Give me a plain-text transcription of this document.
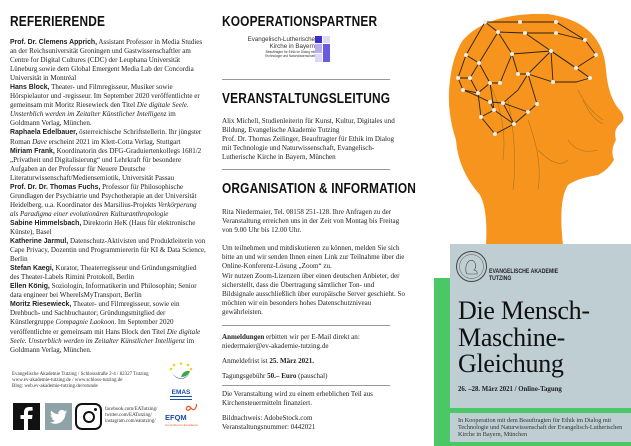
REFERIERENDE
Prof. Dr. Clemens Apprich, Assistant Professor in Media Studies an der Reichsuniversität Groningen und Gastwissenschaftler am Centre for Digital Cultures (CDC) der Leuphana Universität Lüneburg sowie dem Global Emergent Media Lab der Concordia Universität in Montréal
Hans Block, Theater- und Filmregisseur, Musiker sowie Hörspielautor und -regisseur. Im September 2020 veröffentlichte er gemeinsam mit Moritz Riesewieck den Titel Die digitale Seele. Unsterblich werden im Zeitalter Künstlicher Intelligenz im Goldmann Verlag, München.
Raphaela Edelbauer, österreichische Schriftstellerin. Ihr jüngster Roman Dave erscheint 2021 im Klett-Cotta Verlag, Stuttgart
Miriam Frank, Koordinatorin des DFG-Graduiertenkollegs 1681/2 „Privatheit und Digitalisierung“ und Lehrkraft für besondere Aufgaben an der Professur für Neuere Deutsche Literaturwissenschaft/Mediensemiotik, Universität Passau
Prof. Dr. Dr. Thomas Fuchs, Professor für Philosophische Grundlagen der Psychiatrie und Psychotherapie an der Universität Heidelberg, u.a. Koordinator des Marsilius-Projekts Verkörperung als Paradigma einer evolutionären Kulturanthropologie
Sabine Himmelsbach, Direktorin HeK (Haus für elektronische Künste), Basel
Katherine Jarmul, Datenschutz-Aktivisten und Produktleiterin von Cape Privacy, Dozentin und Programmiererin für KI & Data Science, Berlin
Stefan Kaegi, Kurator, Theaterregisseur und Gründungsmitglied des Theater-Labels Rimini Protokoll, Berlin
Ellen König, Soziologin, Informatikerin und Philosophin; Senior data engineer bei WhereIsMyTransport, Berlin
Moritz Riesewieck, Theater- und Filmregisseur, sowie ein Drehbuch- und Sachbuchautor; Gründungsmitglied der Künstlergruppe Compagnie Laokoon. Im September 2020 veröffentlichte er gemeinsam mit Hans Block den Titel Die digitale Seele. Unsterblich werden im Zeitalter Künstlicher Intelligenz im Goldmann Verlag, München.
Evangelische Akademie Tutzing / Schlossstraße 2-4 / 82327 Tutzing
www.ev-akademie-tutzing.de / www.schloss-tutzing.de
Blog: web.ev-akademie-tutzing.de/rotunde
facebook.com/EATutzing/
twitter.com/EATutzing/
instagram.com/eatutzing/
EMAS
EFQM
Committed to Excellence
KOOPERATIONSPARTNER
Evangelisch-Lutherische
Kirche in Bayern
Beauftragter für Ethik im Dialog mit
Technologie und Naturwissenschaft
VERANSTALTUNGSLEITUNG
Alix Michell, Studienleiterin für Kunst, Kultur, Digitales und Bildung, Evangelische Akademie Tutzing
Prof. Dr. Thomas Zeilinger, Beauftragter für Ethik im Dialog mit Technologie und Naturwissenschaft, Evangelisch-Lutherische Kirche in Bayern, München
ORGANISATION & INFORMATION
Rita Niedermaier, Tel. 08158 251-128. Ihre Anfragen zu der Veranstaltung erreichen uns in der Zeit von Montag bis Freitag von 9.00 Uhr bis 12.00 Uhr.
Um teilnehmen und mitdiskutieren zu können, melden Sie sich bitte an und wir senden Ihnen einen Link zur Teilnahme über die Online-Konferenz-Lösung „Zoom“ zu.
Wir nutzen Zoom-Lizenzen über einen deutschen Anbieter, der sicherstellt, dass die Übertragung sämtlicher Ton- und Bildsignale ausschließlich über europäische Server geschieht. So möchten wir ein besonders hohes Datenschutzniveau gewährleisten.
Anmeldungen erbitten wir per E-Mail direkt an:
niedermaier@ev-akademie-tutzing.de
Anmeldefrist ist 25. März 2021.
Tagungsgebühr 50.– Euro (pauschal)
Die Veranstaltung wird zu einem erheblichen Teil aus Kirchensteuermitteln finanziert.
Bildnachweis: AdobeStock.com
Veranstaltungsnummer: 0442021
EVANGELISCHE AKADEMIE
TUTZING
Die Mensch-
Maschine-
Gleichung
26. –28. März 2021 / Online-Tagung
In Kooperation mit dem Beauftragten für Ethik im Dialog mit Technologie und Naturwissenschaft der Evangelisch-Lutherischen Kirche in Bayern, München
